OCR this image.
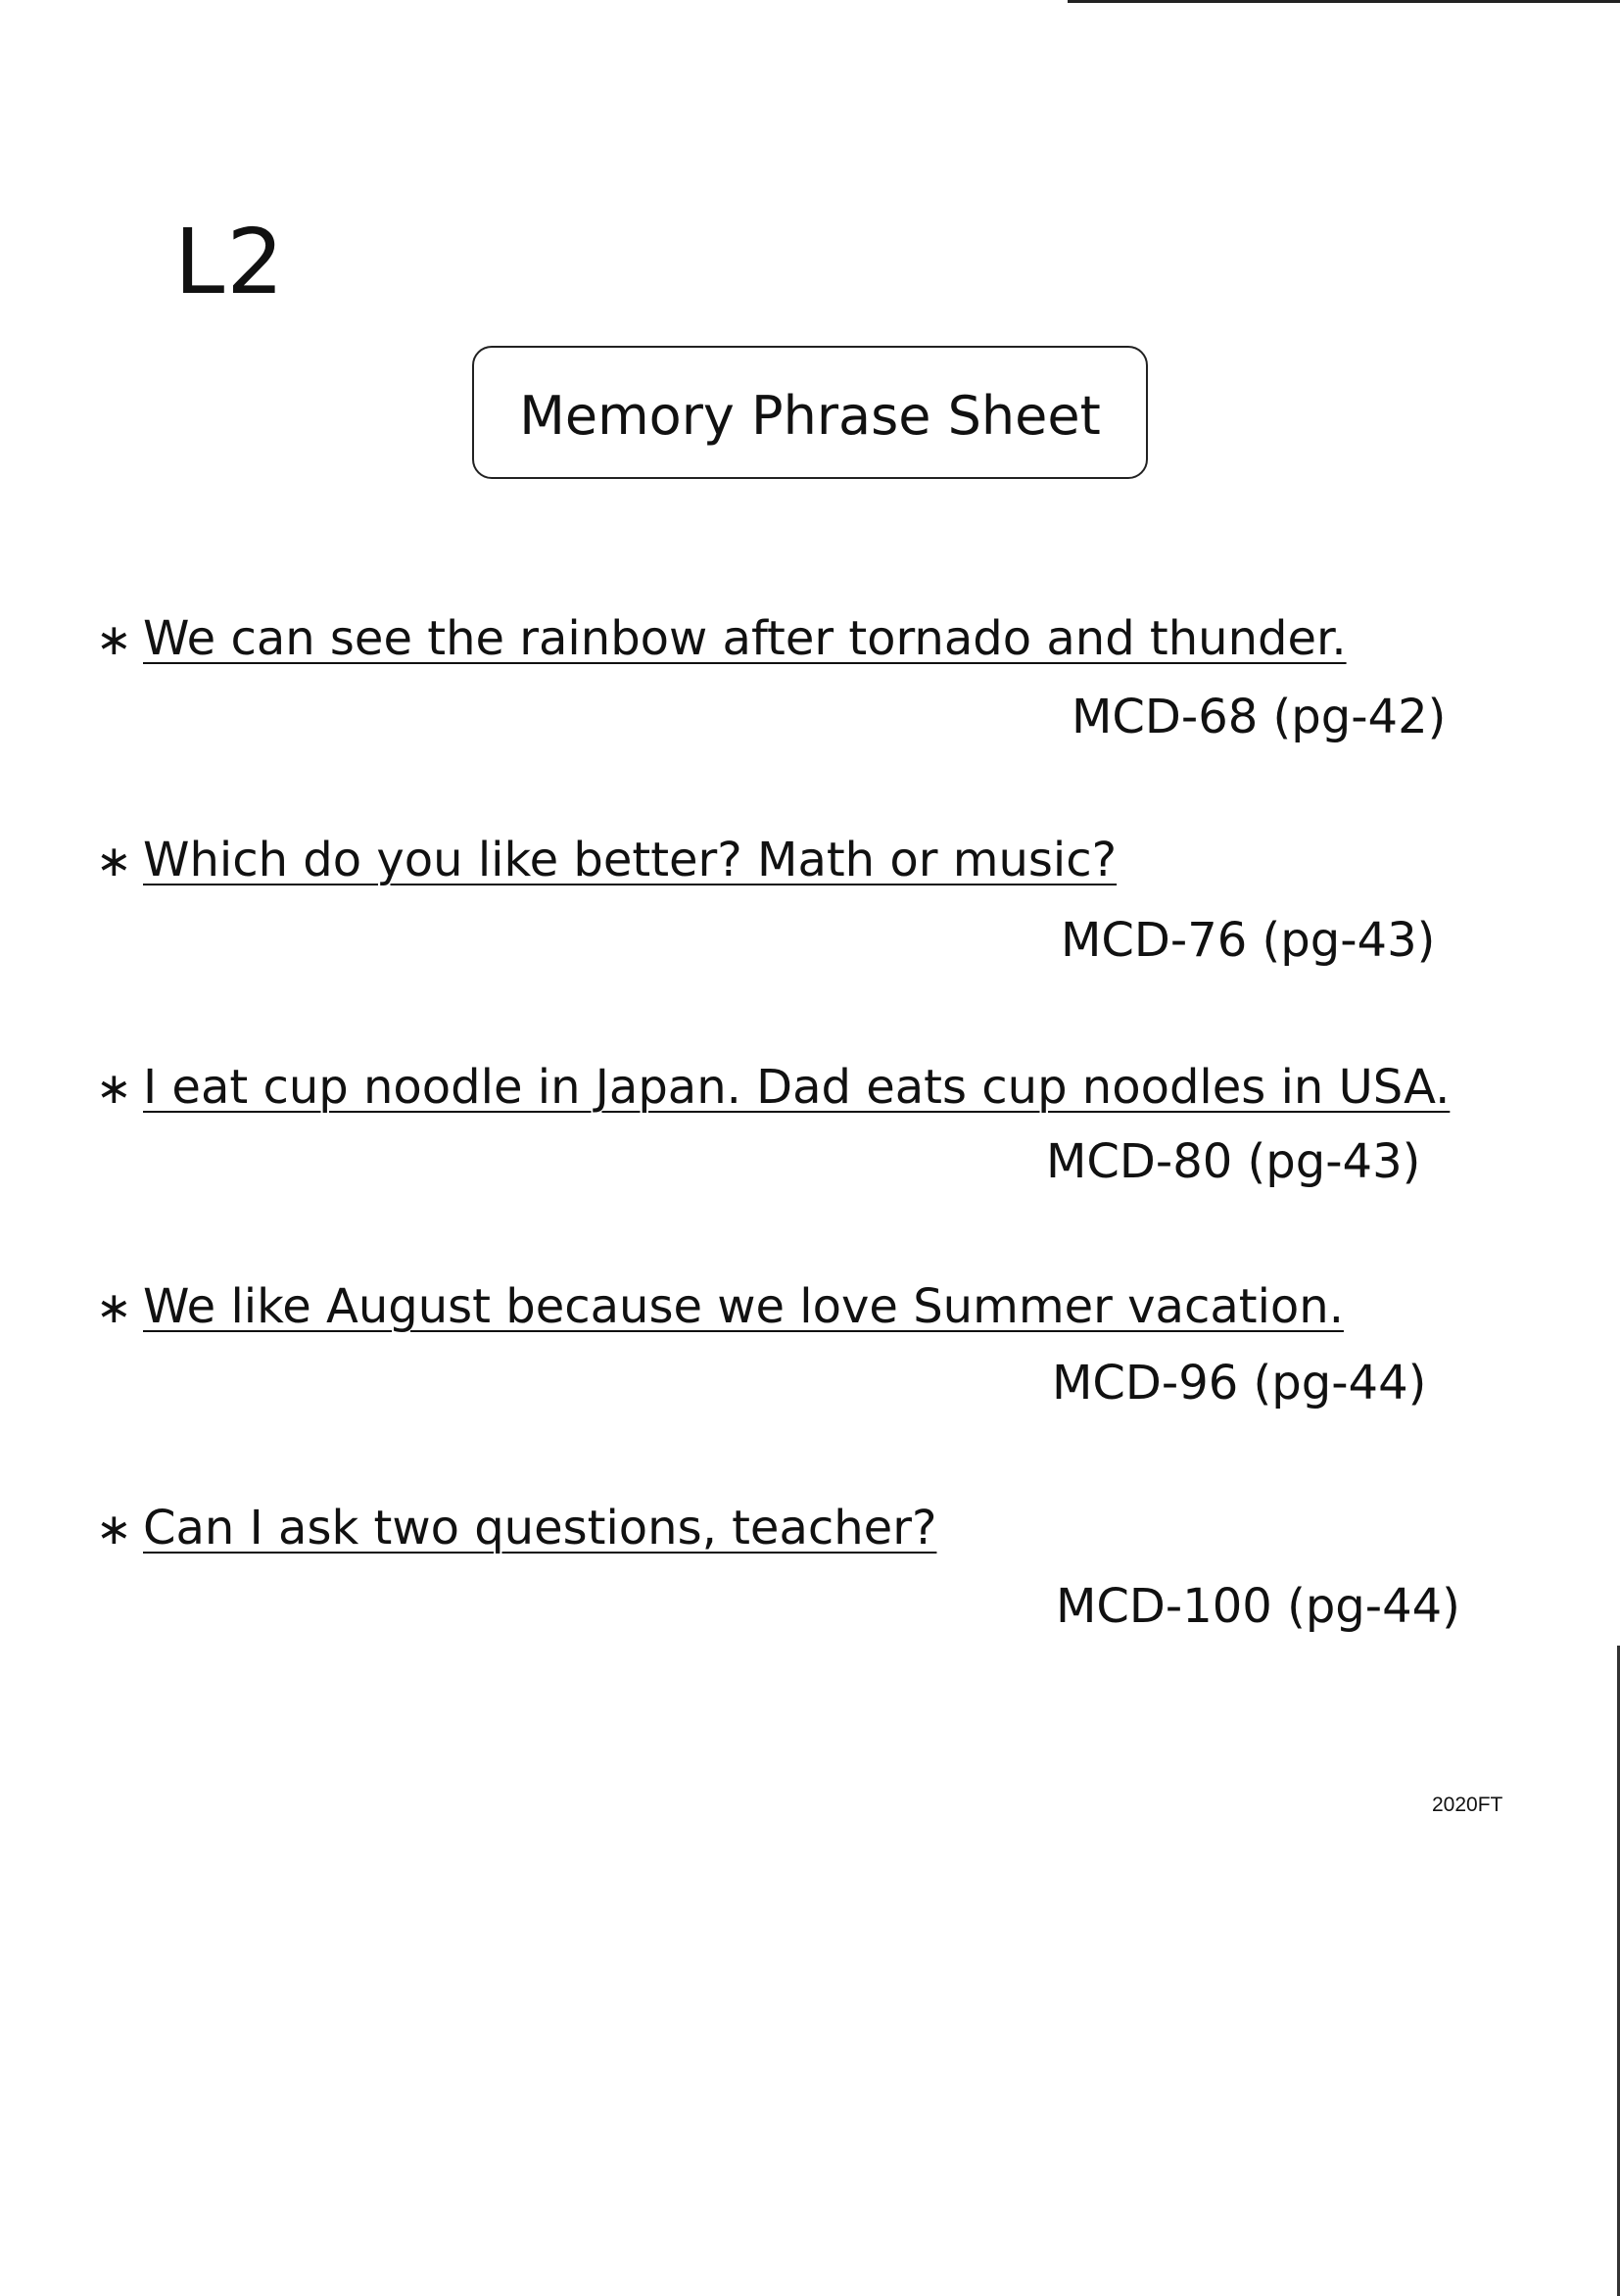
L2
Memory Phrase Sheet
∗ We can see the rainbow after tornado and thunder.
MCD-68 (pg-42)
∗ Which do you like better? Math or music?
MCD-76 (pg-43)
∗ I eat cup noodle in Japan. Dad eats cup noodles in USA.
MCD-80 (pg-43)
∗ We like August because we love Summer vacation.
MCD-96 (pg-44)
∗ Can I ask two questions, teacher?
MCD-100 (pg-44)
2020FT
